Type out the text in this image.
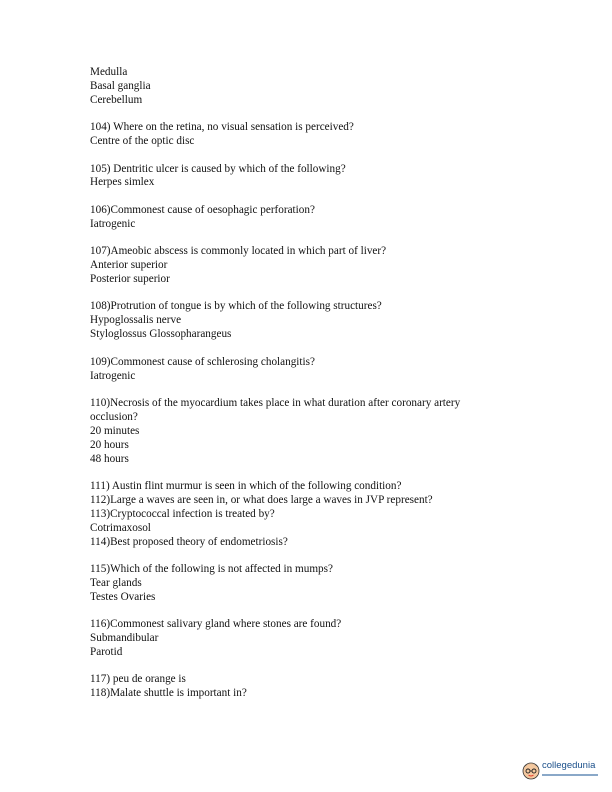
Medulla
Basal ganglia
Cerebellum
104) Where on the retina, no visual sensation is perceived?
Centre of the optic disc
105) Dentritic ulcer is caused by which of the following?
Herpes simlex
106)Commonest cause of oesophagic perforation?
Iatrogenic
107)Ameobic abscess is commonly located in which part of liver?
Anterior superior
Posterior superior
108)Protrution of tongue is by which of the following structures?
Hypoglossalis nerve
Styloglossus Glossopharangeus
109)Commonest cause of schlerosing cholangitis?
Iatrogenic
110)Necrosis of the myocardium takes place in what duration after coronary artery occlusion?
20 minutes
20 hours
48 hours
111) Austin flint murmur is seen in which of the following condition?
112)Large a waves are seen in, or what does large a waves in JVP represent?
113)Cryptococcal infection is treated by?
Cotrimaxosol
114)Best proposed theory of endometriosis?
115)Which of the following is not affected in mumps?
Tear glands
Testes Ovaries
116)Commonest salivary gland where stones are found?
Submandibular
Parotid
117) peu de orange is
118)Malate shuttle is important in?
collegedunia
